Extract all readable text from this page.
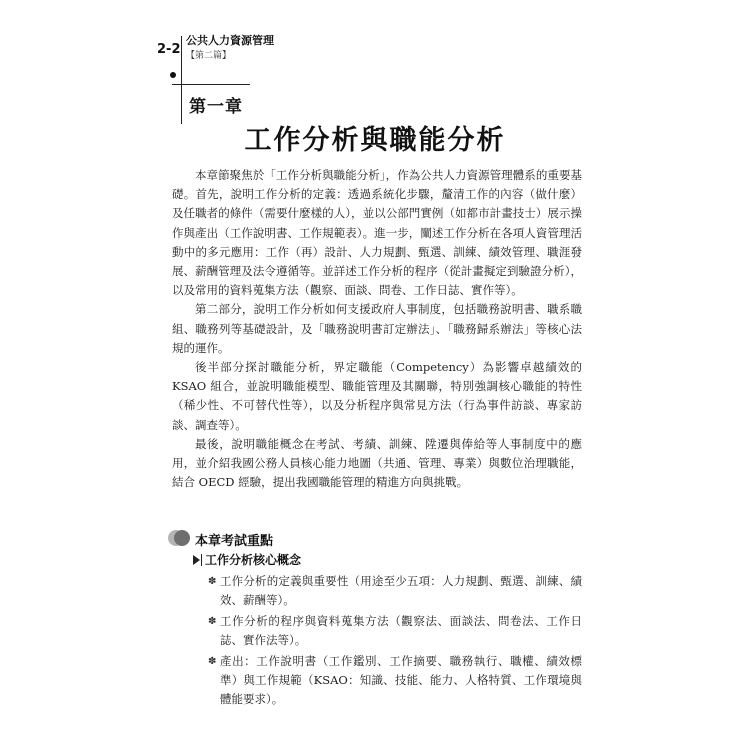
2-2
公共人力資源管理
【第二篇】
第一章
工作分析與職能分析

本章節聚焦於「工作分析與職能分析」，作為公共人力資源管理體系的重要基礎。首先，說明工作分析的定義：透過系統化步驟，釐清工作的內容（做什麼）及任職者的條件（需要什麼樣的人），並以公部門實例（如都市計畫技士）展示操作與產出（工作說明書、工作規範表）。進一步，闡述工作分析在各項人資管理活動中的多元應用：工作（再）設計、人力規劃、甄選、訓練、績效管理、職涯發展、薪酬管理及法令遵循等。並詳述工作分析的程序（從計畫擬定到驗證分析），以及常用的資料蒐集方法（觀察、面談、問卷、工作日誌、實作等）。

第二部分，說明工作分析如何支援政府人事制度，包括職務說明書、職系職組、職務列等基礎設計，及「職務說明書訂定辦法」、「職務歸系辦法」等核心法規的運作。

後半部分探討職能分析，界定職能（Competency）為影響卓越績效的 KSAO 組合，並說明職能模型、職能管理及其關聯，特別強調核心職能的特性（稀少性、不可替代性等），以及分析程序與常見方法（行為事件訪談、專家訪談、調查等）。

最後，說明職能概念在考試、考績、訓練、陞遷與俸給等人事制度中的應用，並介紹我國公務人員核心能力地圖（共通、管理、專業）與數位治理職能，結合 OECD 經驗，提出我國職能管理的精進方向與挑戰。

本章考試重點
工作分析核心概念
✽ 工作分析的定義與重要性（用途至少五項：人力規劃、甄選、訓練、績效、薪酬等）。
✽ 工作分析的程序與資料蒐集方法（觀察法、面談法、問卷法、工作日誌、實作法等）。
✽ 產出：工作說明書（工作鑑別、工作摘要、職務執行、職權、績效標準）與工作規範（KSAO：知識、技能、能力、人格特質、工作環境與體能要求）。
